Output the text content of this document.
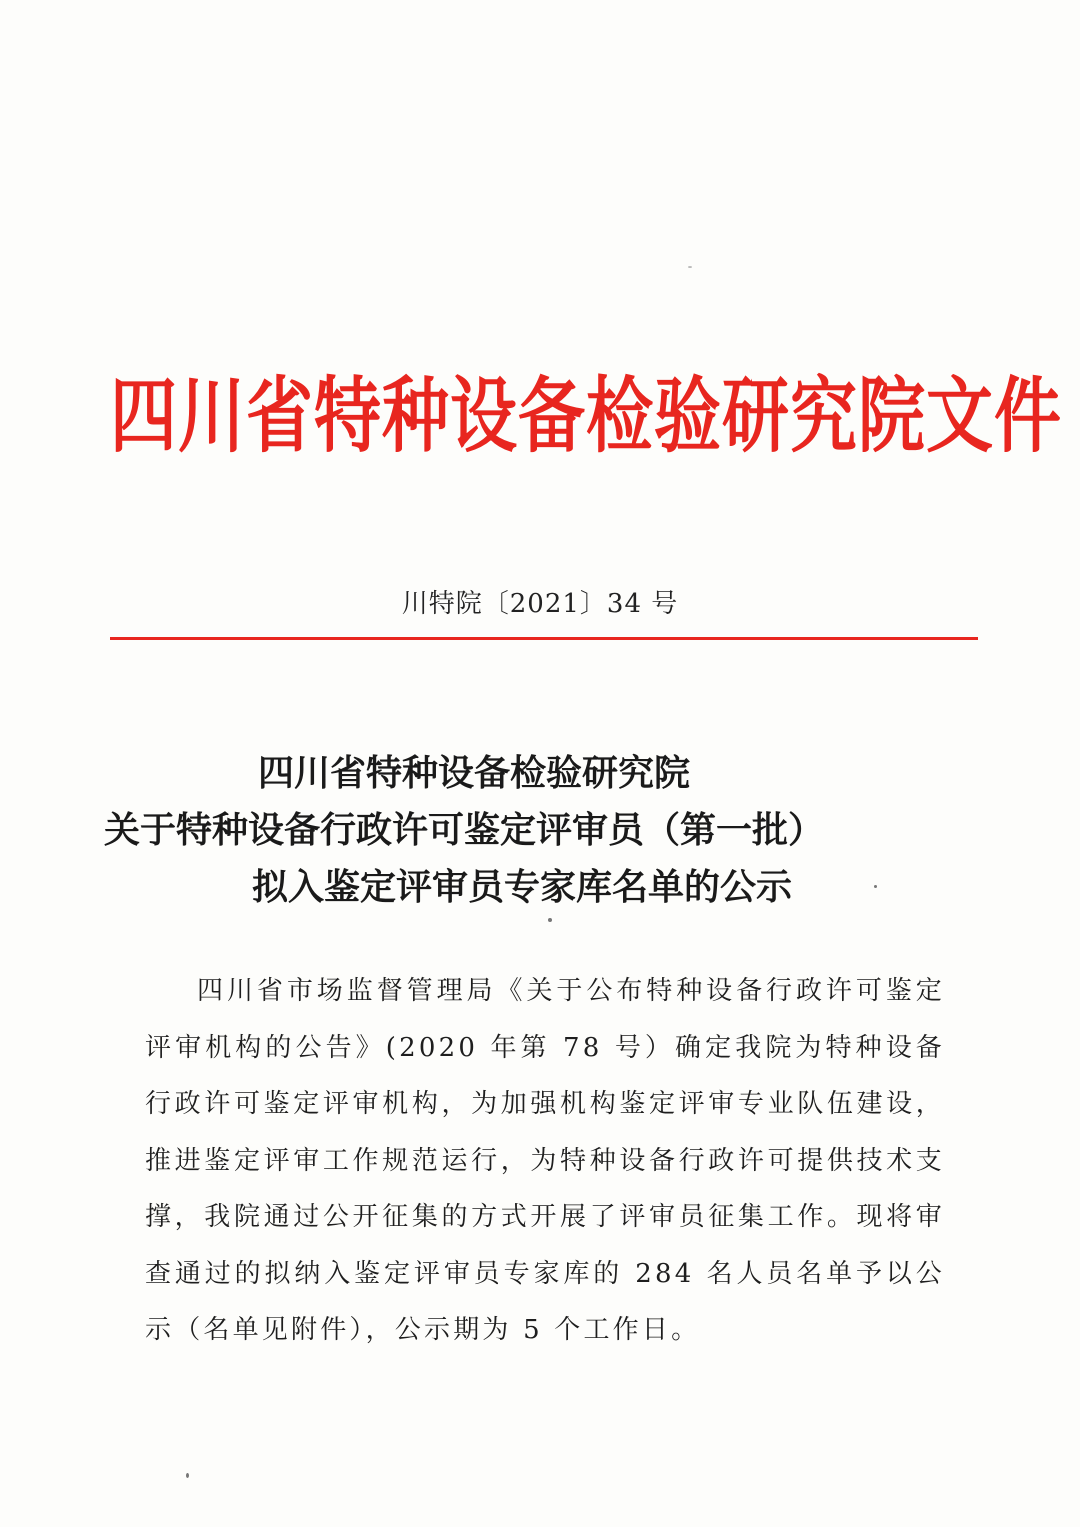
四川省特种设备检验研究院文件
川特院〔2021〕34 号
四川省特种设备检验研究院
关于特种设备行政许可鉴定评审员（第一批）
拟入鉴定评审员专家库名单的公示

四川省市场监督管理局《关于公布特种设备行政许可鉴定评审机构的公告》(2020 年第 78 号）确定我院为特种设备行政许可鉴定评审机构，为加强机构鉴定评审专业队伍建设，推进鉴定评审工作规范运行，为特种设备行政许可提供技术支撑，我院通过公开征集的方式开展了评审员征集工作。现将审查通过的拟纳入鉴定评审员专家库的 284 名人员名单予以公示（名单见附件），公示期为 5 个工作日。
